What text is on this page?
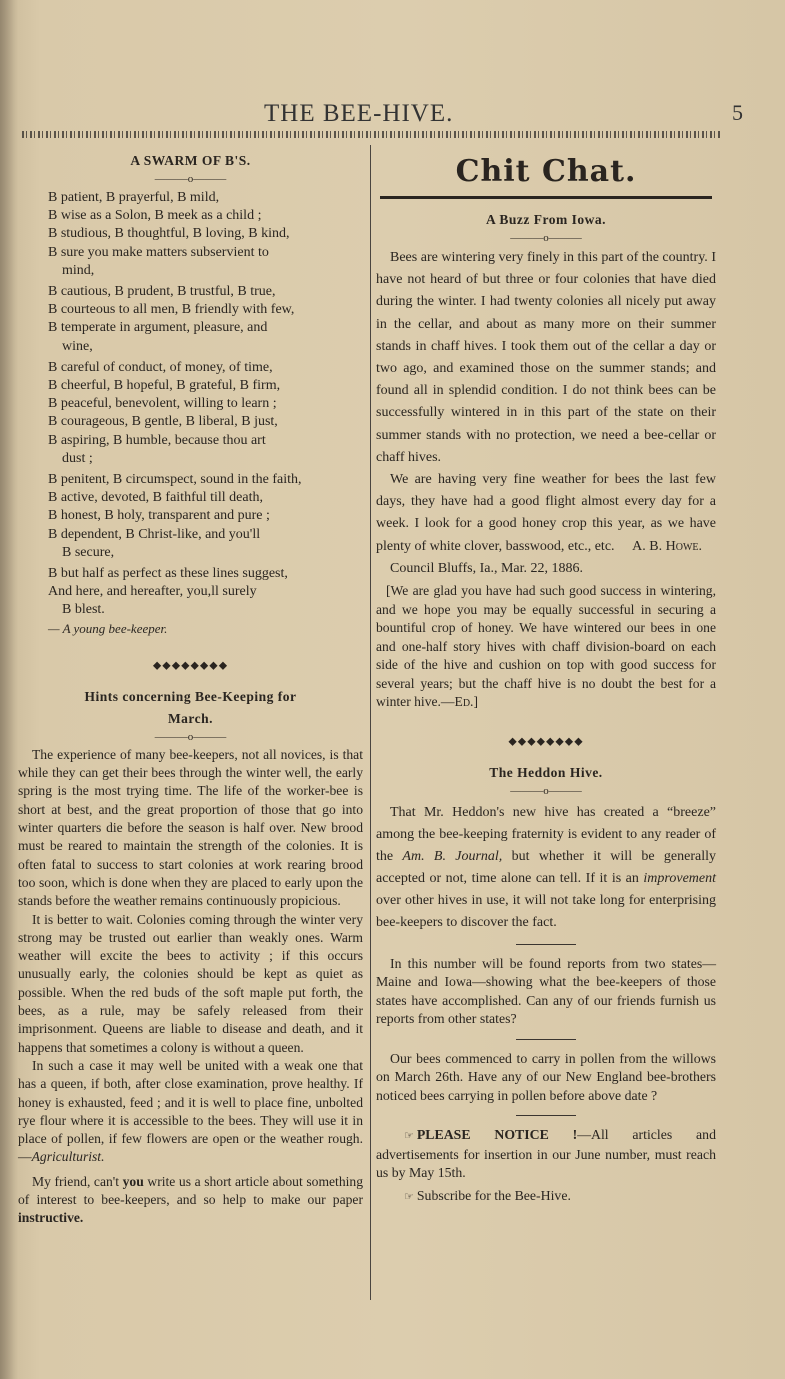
THE BEE-HIVE.	5
A SWARM OF B'S.
———o———
B patient, B prayerful, B mild,
B wise as a Solon, B meek as a child ;
B studious, B thoughtful, B loving, B kind,
B sure you make matters subservient to
mind,
B cautious, B prudent, B trustful, B true,
B courteous to all men, B friendly with few,
B temperate in argument, pleasure, and
wine,
B careful of conduct, of money, of time,
B cheerful, B hopeful, B grateful, B firm,
B peaceful, benevolent, willing to learn ;
B courageous, B gentle, B liberal, B just,
B aspiring, B humble, because thou art
dust ;
B penitent, B circumspect, sound in the faith,
B active, devoted, B faithful till death,
B honest, B holy, transparent and pure ;
B dependent, B Christ-like, and you'll
B secure,
B but half as perfect as these lines suggest,
And here, and hereafter, you,ll surely
B blest.
— A young bee-keeper.
⬥⬥⬥⬥⬥⬥⬥⬥
Hints concerning Bee-Keeping for
March.
———o———

The experience of many bee-keepers, not all novices, is that while they can get their bees through the winter well, the early spring is the most trying time. The life of the worker-bee is short at best, and the great proportion of those that go into winter quarters die before the season is half over. New brood must be reared to maintain the strength of the colonies. It is often fatal to success to start colonies at work rearing brood too soon, which is done when they are placed to early upon the stands before the weather remains continuously propicious.

It is better to wait. Colonies coming through the winter very strong may be trusted out earlier than weakly ones. Warm weather will excite the bees to activity ; if this occurs unusually early, the colonies should be kept as quiet as possible. When the red buds of the soft maple put forth, the bees, as a rule, may be safely released from their imprisonment. Queens are liable to disease and death, and it happens that sometimes a colony is without a queen.

In such a case it may well be united with a weak one that has a queen, if both, after close examination, prove healthy. If honey is exhausted, feed ; and it is well to place fine, unbolted rye flour where it is accessible to the bees. They will use it in place of pollen, if few flowers are open or the weather rough.—Agriculturist.

My friend, can't you write us a short article about something of interest to bee-keepers, and so help to make our paper instructive.

Chit Chat.
A Buzz From Iowa.
———o———

Bees are wintering very finely in this part of the country. I have not heard of but three or four colonies that have died during the winter. I had twenty colonies all nicely put away in the cellar, and about as many more on their summer stands in chaff hives. I took them out of the cellar a day or two ago, and examined those on the summer stands; and found all in splendid condition. I do not think bees can be successfully wintered in in this part of the state on their summer stands with no protection, we need a bee-cellar or chaff hives.

We are having very fine weather for bees the last few days, they have had a good flight almost every day for a week. I look for a good honey crop this year, as we have plenty of white clover, basswood, etc., etc.	A. B. Howe.

Council Bluffs, Ia., Mar. 22, 1886.

[We are glad you have had such good success in wintering, and we hope you may be equally successful in securing a bountiful crop of honey. We have wintered our bees in one and one-half story hives with chaff division-board on each side of the hive and cushion on top with good success for several years; but the chaff hive is no doubt the best for a winter hive.—Ed.]

⬥⬥⬥⬥⬥⬥⬥⬥
The Heddon Hive.
———o———

That Mr. Heddon's new hive has created a “breeze” among the bee-keeping fraternity is evident to any reader of the Am. B. Journal, but whether it will be generally accepted or not, time alone can tell. If it is an improvement over other hives in use, it will not take long for enterprising bee-keepers to discover the fact.

In this number will be found reports from two states—Maine and Iowa—showing what the bee-keepers of those states have accomplished. Can any of our friends furnish us reports from other states?

Our bees commenced to carry in pollen from the willows on March 26th. Have any of our New England bee-brothers noticed bees carrying in pollen before above date ?

☞ PLEASE NOTICE !—All articles and advertisements for insertion in our June number, must reach us by May 15th.

☞ Subscribe for the Bee-Hive.
